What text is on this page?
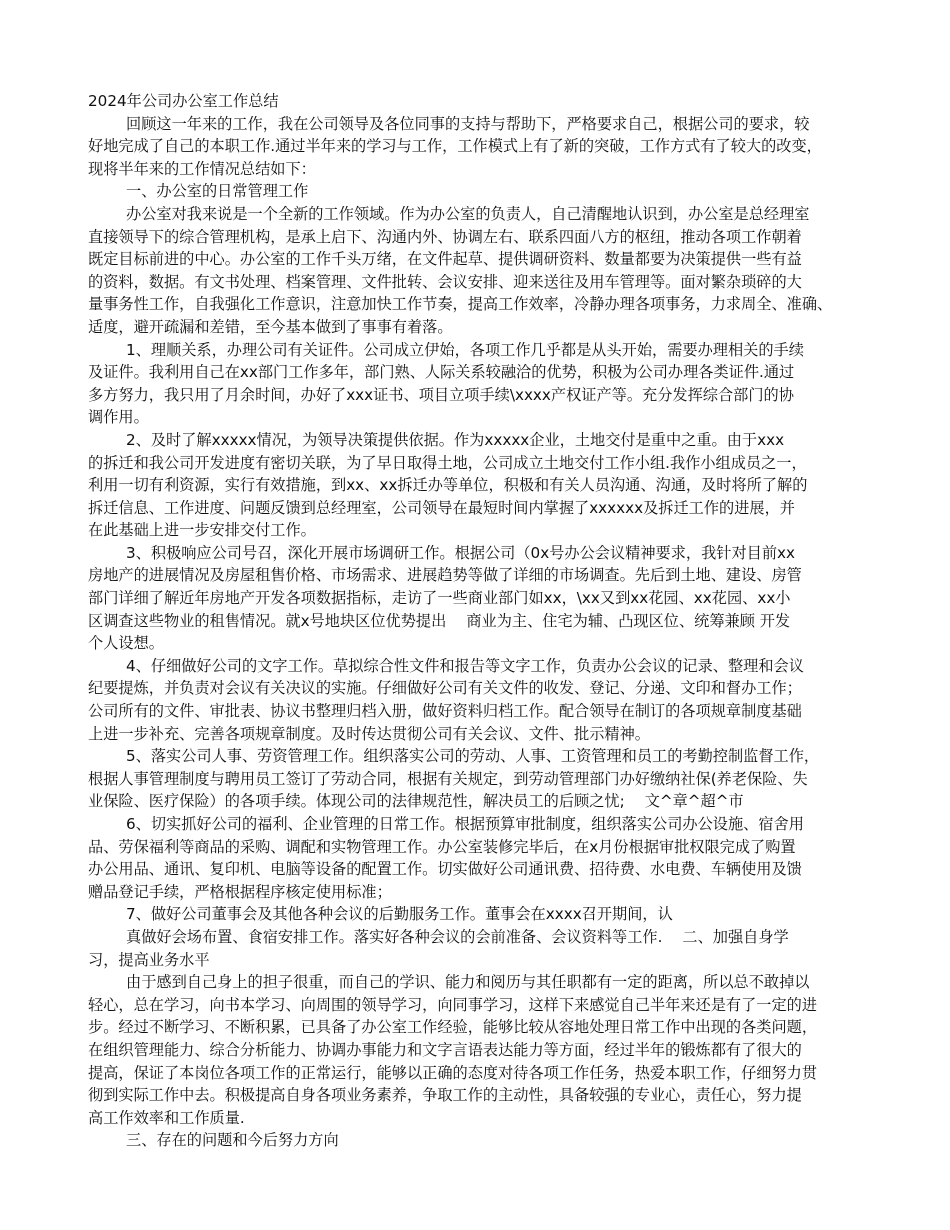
2024年公司办公室工作总结
回顾这一年来的工作，我在公司领导及各位同事的支持与帮助下，严格要求自己，根据公司的要求，较
好地完成了自己的本职工作.通过半年来的学习与工作，工作模式上有了新的突破，工作方式有了较大的改变，
现将半年来的工作情况总结如下：
一、办公室的日常管理工作
办公室对我来说是一个全新的工作领域。作为办公室的负责人，自己清醒地认识到，办公室是总经理室
直接领导下的综合管理机构，是承上启下、沟通内外、协调左右、联系四面八方的枢纽，推动各项工作朝着
既定目标前进的中心。办公室的工作千头万绪，在文件起草、提供调研资料、数量都要为决策提供一些有益
的资料，数据。有文书处理、档案管理、文件批转、会议安排、迎来送往及用车管理等。面对繁杂琐碎的大
量事务性工作，自我强化工作意识，注意加快工作节奏，提高工作效率，冷静办理各项事务，力求周全、准确、
适度，避开疏漏和差错，至今基本做到了事事有着落。
1、理顺关系，办理公司有关证件。公司成立伊始，各项工作几乎都是从头开始，需要办理相关的手续
及证件。我利用自己在xx部门工作多年，部门熟、人际关系较融洽的优势，积极为公司办理各类证件.通过
多方努力，我只用了月余时间，办好了xxx证书、项目立项手续\xxxx产权证产等。充分发挥综合部门的协
调作用。
2、及时了解xxxxx情况，为领导决策提供依据。作为xxxxx企业，土地交付是重中之重。由于xxx
的拆迁和我公司开发进度有密切关联，为了早日取得土地，公司成立土地交付工作小组.我作小组成员之一，
利用一切有利资源，实行有效措施，到xx、xx拆迁办等单位，积极和有关人员沟通、沟通，及时将所了解的
拆迁信息、工作进度、问题反馈到总经理室，公司领导在最短时间内掌握了xxxxxx及拆迁工作的进展，并
在此基础上进一步安排交付工作。
3、积极响应公司号召，深化开展市场调研工作。根据公司（0x号办公会议精神要求，我针对目前xx
房地产的进展情况及房屋租售价格、市场需求、进展趋势等做了详细的市场调查。先后到土地、建设、房管
部门详细了解近年房地产开发各项数据指标，走访了一些商业部门如xx，\xx又到xx花园、xx花园、xx小
区调查这些物业的租售情况。就x号地块区位优势提出　 商业为主、住宅为辅、凸现区位、统筹兼顾 开发
个人设想。
4、仔细做好公司的文字工作。草拟综合性文件和报告等文字工作，负责办公会议的记录、整理和会议
纪要提炼，并负责对会议有关决议的实施。仔细做好公司有关文件的收发、登记、分递、文印和督办工作；
公司所有的文件、审批表、协议书整理归档入册，做好资料归档工作。配合领导在制订的各项规章制度基础
上进一步补充、完善各项规章制度。及时传达贯彻公司有关会议、文件、批示精神。
5、落实公司人事、劳资管理工作。组织落实公司的劳动、人事、工资管理和员工的考勤控制监督工作，
根据人事管理制度与聘用员工签订了劳动合同，根据有关规定，到劳动管理部门办好缴纳社保(养老保险、失
业保险、医疗保险）的各项手续。体现公司的法律规范性，解决员工的后顾之忧;　 文^章^超^市
6、切实抓好公司的福利、企业管理的日常工作。根据预算审批制度，组织落实公司办公设施、宿舍用
品、劳保福利等商品的采购、调配和实物管理工作。办公室装修完毕后，在x月份根据审批权限完成了购置
办公用品、通讯、复印机、电脑等设备的配置工作。切实做好公司通讯费、招待费、水电费、车辆使用及馈
赠品登记手续，严格根据程序核定使用标准；
7、做好公司董事会及其他各种会议的后勤服务工作。董事会在xxxx召开期间，认
真做好会场布置、食宿安排工作。落实好各种会议的会前准备、会议资料等工作.　 二、加强自身学
习，提高业务水平
由于感到自己身上的担子很重，而自己的学识、能力和阅历与其任职都有一定的距离，所以总不敢掉以
轻心，总在学习，向书本学习、向周围的领导学习，向同事学习，这样下来感觉自己半年来还是有了一定的进
步。经过不断学习、不断积累，已具备了办公室工作经验，能够比较从容地处理日常工作中出现的各类问题，
在组织管理能力、综合分析能力、协调办事能力和文字言语表达能力等方面，经过半年的锻炼都有了很大的
提高，保证了本岗位各项工作的正常运行，能够以正确的态度对待各项工作任务，热爱本职工作，仔细努力贯
彻到实际工作中去。积极提高自身各项业务素养，争取工作的主动性，具备较强的专业心，责任心，努力提
高工作效率和工作质量.
三、存在的问题和今后努力方向
